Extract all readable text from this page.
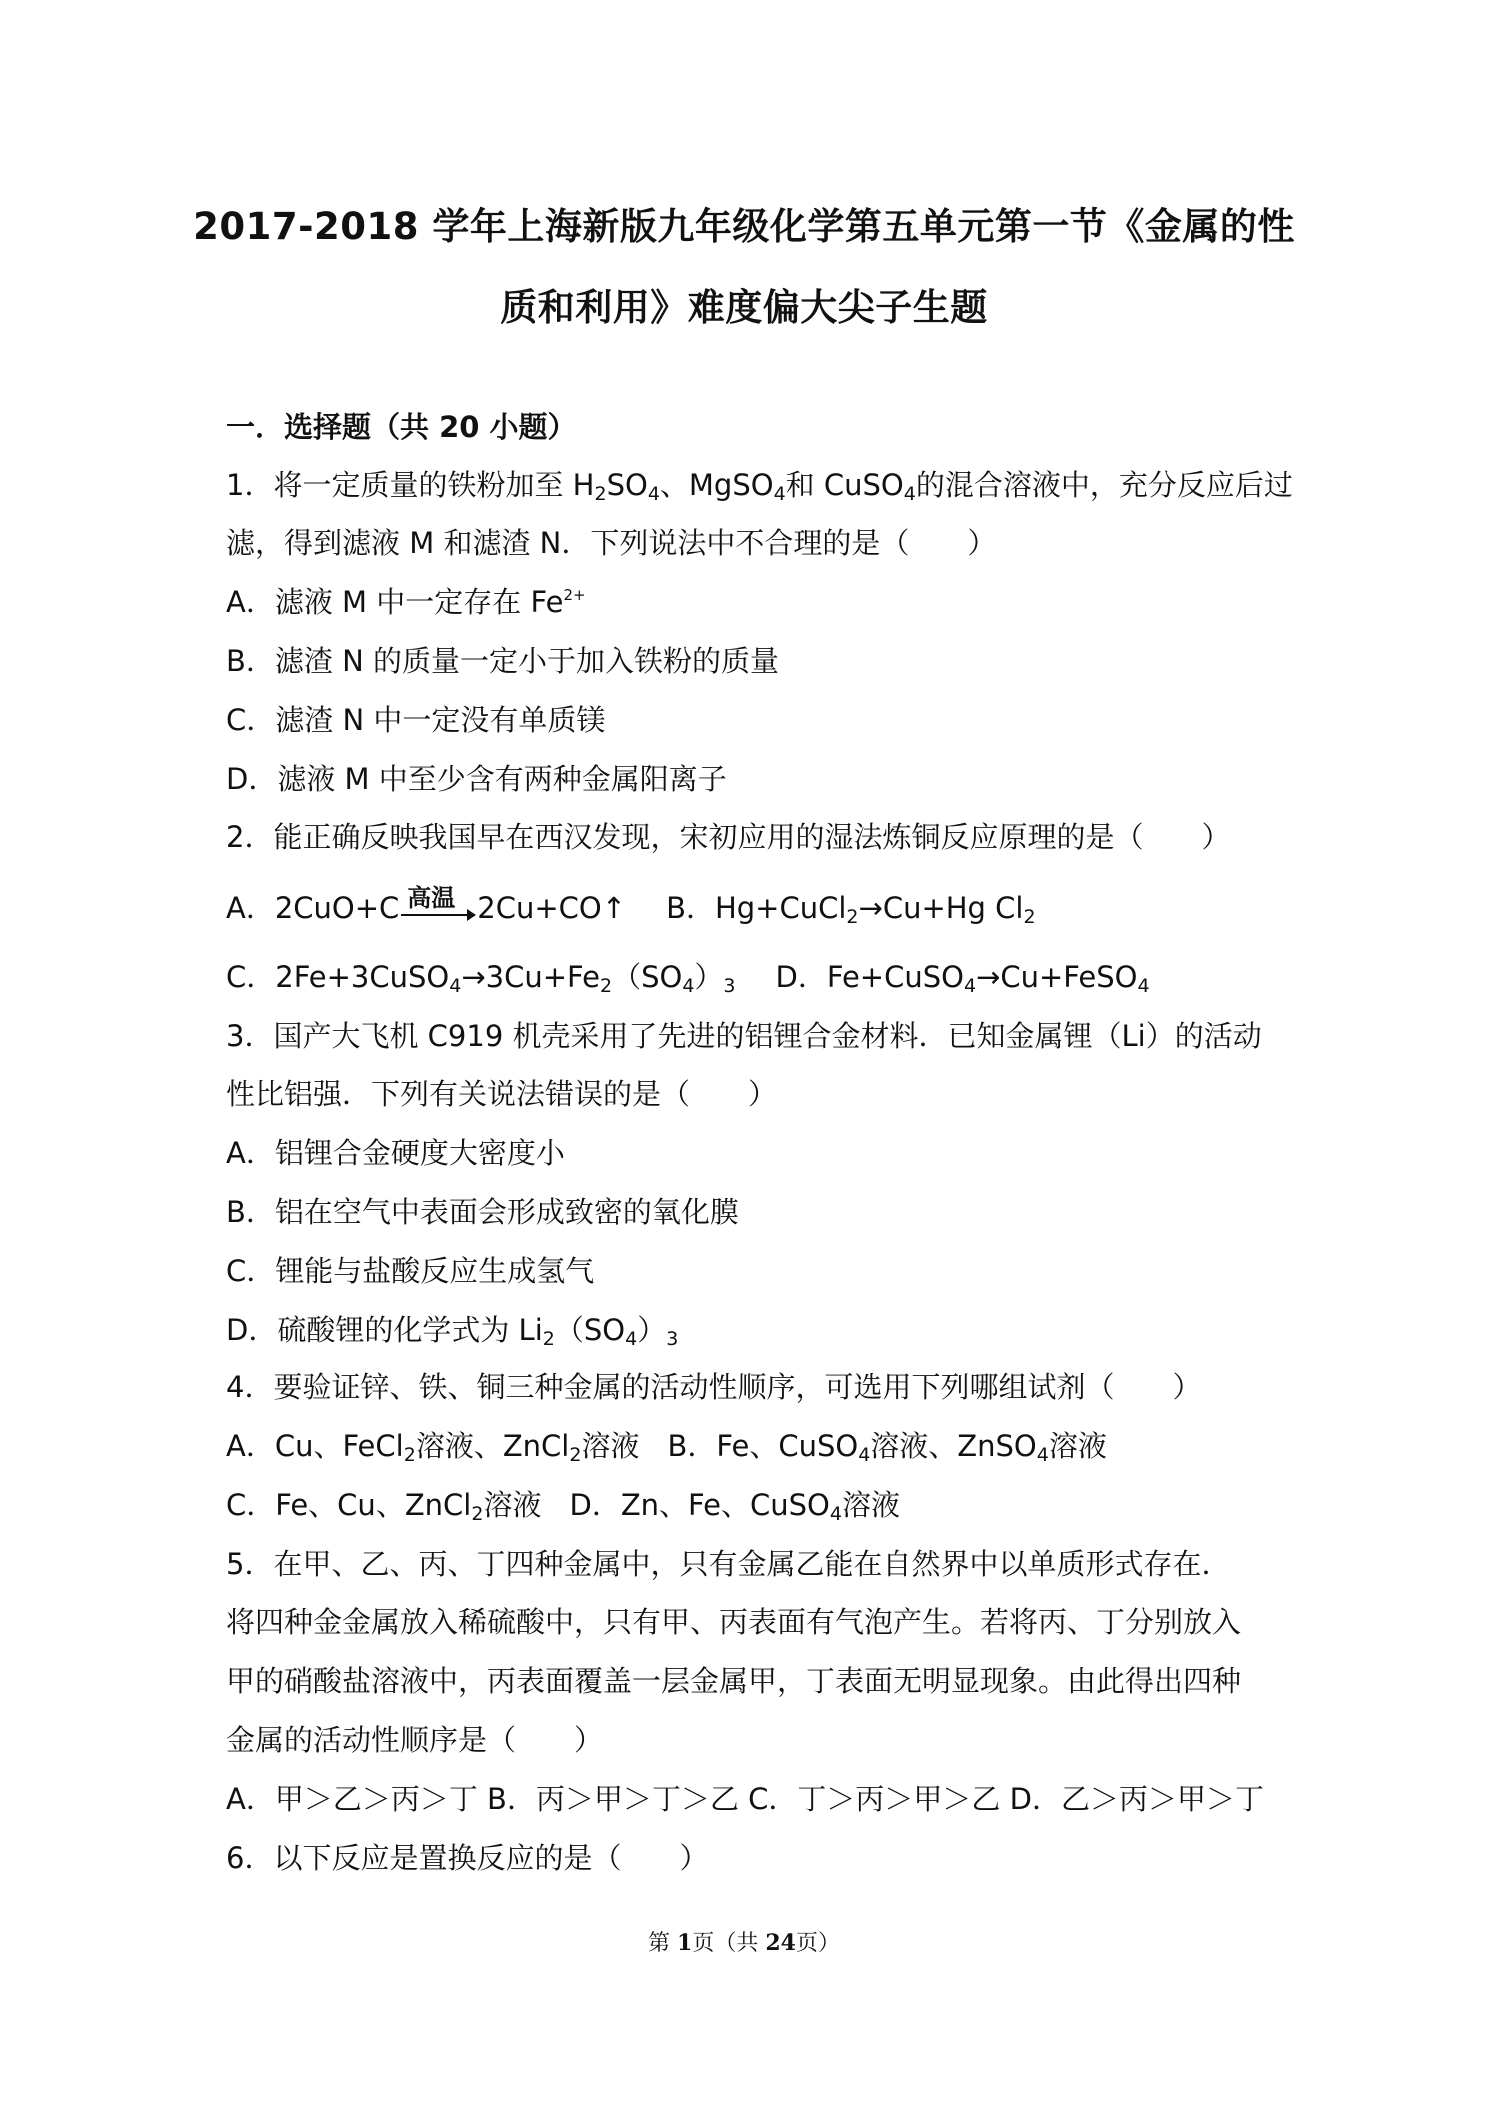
2017-2018 学年上海新版九年级化学第五单元第一节《金属的性
质和利用》难度偏大尖子生题
一．选择题（共 20 小题）
1．将一定质量的铁粉加至 $H_2SO_4$、MgSO$_4$和 CuSO$_4$的混合溶液中，充分反应后过
滤，得到滤液 M 和滤渣 N．下列说法中不合理的是（　　）
A．滤液 M 中一定存在 $Fe^{2+}$
B．滤渣 N 的质量一定小于加入铁粉的质量
C．滤渣 N 中一定没有单质镁
D．滤液 M 中至少含有两种金属阳离子
2．能正确反映我国早在西汉发现，宋初应用的湿法炼铜反应原理的是（　　）
A．2CuO+C 高温 2Cu+CO↑ B．Hg+CuCl$_2$→Cu+Hg $Cl_2$
C．$2Fe+3CuSO_4\to 3Cu+Fe_2(SO_4)_3$ D．Fe+CuSO$_4$→Cu+FeSO$_4$
3．国产大飞机 C919 机壳采用了先进的铝锂合金材料．已知金属锂（Li）的活动
性比铝强．下列有关说法错误的是（　　）
A．铝锂合金硬度大密度小
B．铝在空气中表面会形成致密的氧化膜
C．锂能与盐酸反应生成氢气
D．硫酸锂的化学式为 $Li_2(SO_4)_3$
4．要验证锌、铁、铜三种金属的活动性顺序，可选用下列哪组试剂（　　）
A．Cu、FeCl$_2$溶液、ZnCl$_2$溶液 B．Fe、CuSO$_4$溶液、ZnSO$_4$溶液
C．Fe、Cu、ZnCl$_2$溶液 D．Zn、Fe、CuSO$_4$溶液
5．在甲、乙、丙、丁四种金属中，只有金属乙能在自然界中以单质形式存在．
将四种金金属放入稀硫酸中，只有甲、丙表面有气泡产生。若将丙、丁分别放入
甲的硝酸盐溶液中，丙表面覆盖一层金属甲，丁表面无明显现象。由此得出四种
金属的活动性顺序是（　　）
A．甲＞乙＞丙＞丁 B．丙＞甲＞丁＞乙 C．丁＞丙＞甲＞乙 D．乙＞丙＞甲＞丁
6．以下反应是置换反应的是（　　）
第 1页（共 24页）
